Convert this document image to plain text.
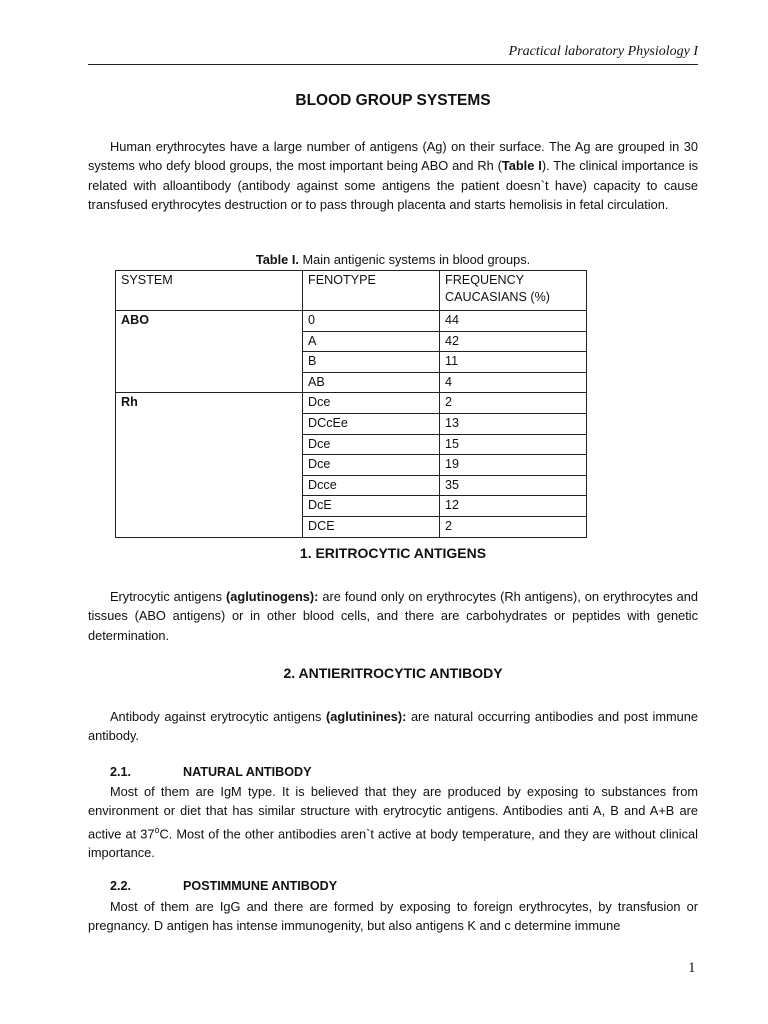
Practical laboratory Physiology I
BLOOD GROUP SYSTEMS

Human erythrocytes have a large number of antigens (Ag) on their surface. The Ag are grouped in 30 systems who defy blood groups, the most important being ABO and Rh (Table I). The clinical importance is related with alloantibody (antibody against some antigens the patient doesn`t have) capacity to cause transfused erythrocytes destruction or to pass through placenta and starts hemolisis in fetal circulation.

Table I. Main antigenic systems in blood groups.
SYSTEM	FENOTYPE	FREQUENCY CAUCASIANS (%)
ABO	0	44
	A	42
	B	11
	AB	4
Rh	Dce	2
	DCcEe	13
	Dce	15
	Dce	19
	Dcce	35
	DcE	12
	DCE	2
1. ERITROCYTIC ANTIGENS

Erytrocytic antigens (aglutinogens): are found only on erythrocytes (Rh antigens), on erythrocytes and tissues (ABO antigens) or in other blood cells, and there are carbohydrates or peptides with genetic determination.

2. ANTIERITROCYTIC ANTIBODY

Antibody against erytrocytic antigens (aglutinines): are natural occurring antibodies and post immune antibody.

2.1.	NATURAL ANTIBODY

Most of them are IgM type. It is believed that they are produced by exposing to substances from environment or diet that has similar structure with erytrocytic antigens. Antibodies anti A, B and A+B are active at 37$^o$C. Most of the other antibodies aren`t active at body temperature, and they are without clinical importance.

2.2.	POSTIMMUNE ANTIBODY

Most of them are IgG and there are formed by exposing to foreign erythrocytes, by transfusion or pregnancy. D antigen has intense immunogenity, but also antigens K and c determine immune

1
